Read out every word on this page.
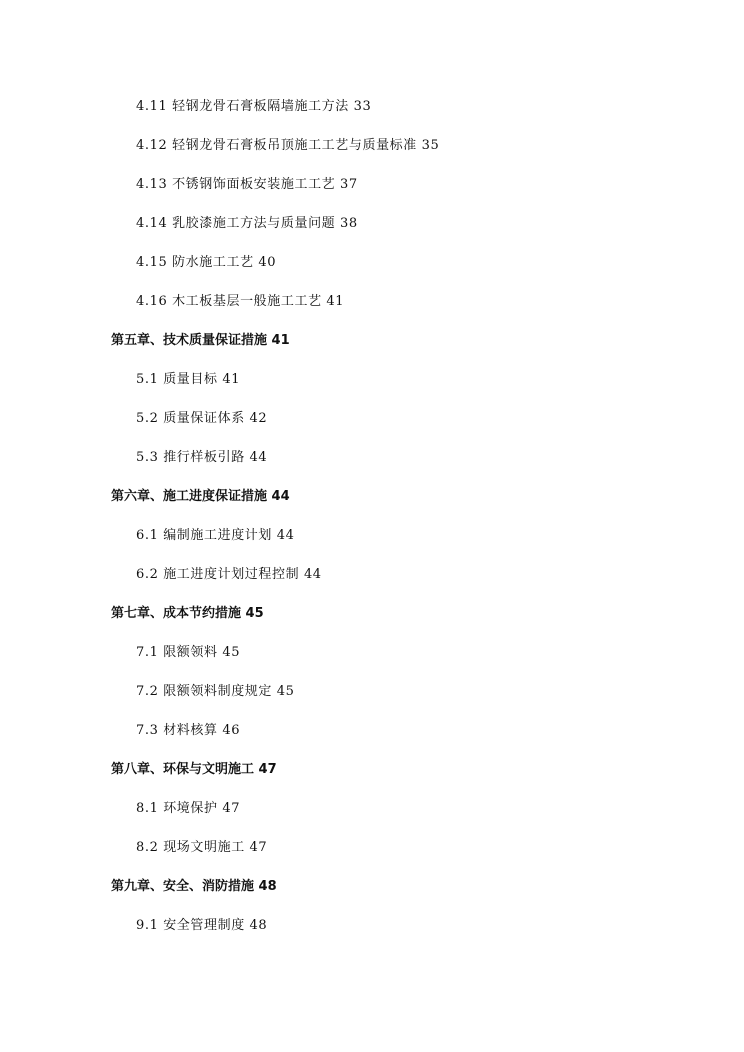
4.11 轻钢龙骨石膏板隔墙施工方法 33
4.12 轻钢龙骨石膏板吊顶施工工艺与质量标准 35
4.13 不锈钢饰面板安装施工工艺 37
4.14 乳胶漆施工方法与质量问题 38
4.15 防水施工工艺 40
4.16 木工板基层一般施工工艺 41
第五章、技术质量保证措施 41
5.1 质量目标 41
5.2 质量保证体系 42
5.3 推行样板引路 44
第六章、施工进度保证措施 44
6.1 编制施工进度计划 44
6.2 施工进度计划过程控制 44
第七章、成本节约措施 45
7.1 限额领料 45
7.2 限额领料制度规定 45
7.3 材料核算 46
第八章、环保与文明施工 47
8.1 环境保护 47
8.2 现场文明施工 47
第九章、安全、消防措施 48
9.1 安全管理制度 48
